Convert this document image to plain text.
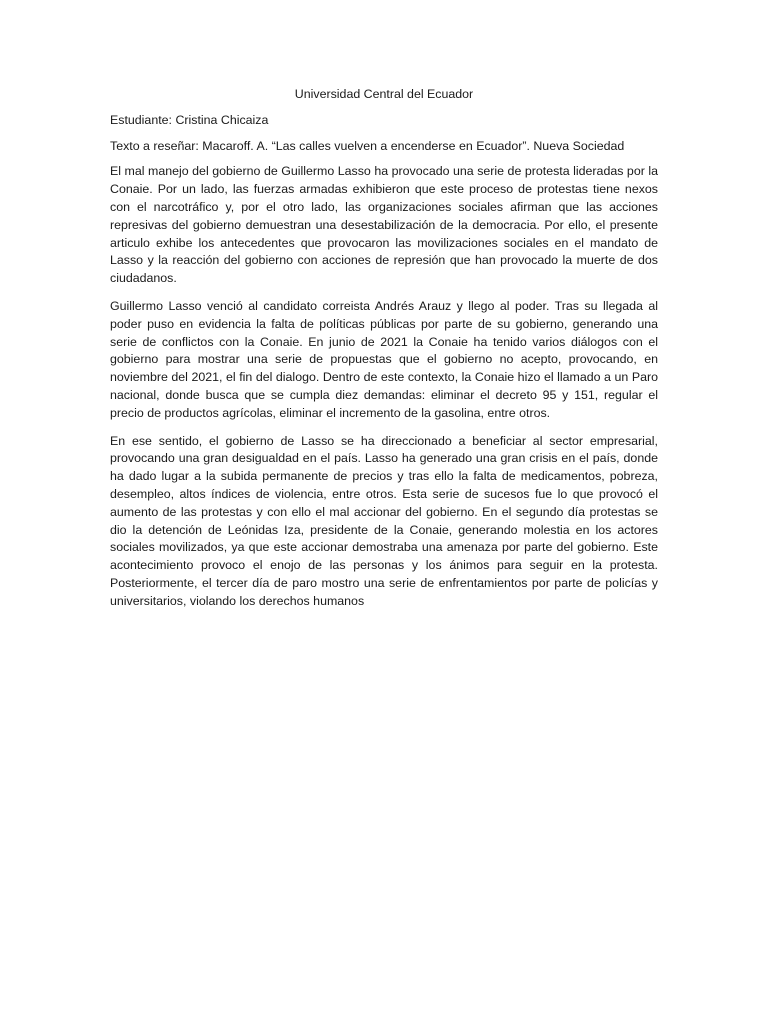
Universidad Central del Ecuador

Estudiante: Cristina Chicaiza

Texto a reseñar: Macaroff. A. “Las calles vuelven a encenderse en Ecuador”. Nueva Sociedad

El mal manejo del gobierno de Guillermo Lasso ha provocado una serie de protesta lideradas por la Conaie. Por un lado, las fuerzas armadas exhibieron que este proceso de protestas tiene nexos con el narcotráfico y, por el otro lado, las organizaciones sociales afirman que las acciones represivas del gobierno demuestran una desestabilización de la democracia. Por ello, el presente articulo exhibe los antecedentes que provocaron las movilizaciones sociales en el mandato de Lasso y la reacción del gobierno con acciones de represión que han provocado la muerte de dos ciudadanos.

Guillermo Lasso venció al candidato correista Andrés Arauz y llego al poder. Tras su llegada al poder puso en evidencia la falta de políticas públicas por parte de su gobierno, generando una serie de conflictos con la Conaie. En junio de 2021 la Conaie ha tenido varios diálogos con el gobierno para mostrar una serie de propuestas que el gobierno no acepto, provocando, en noviembre del 2021, el fin del dialogo. Dentro de este contexto, la Conaie hizo el llamado a un Paro nacional, donde busca que se cumpla diez demandas: eliminar el decreto 95 y 151, regular el precio de productos agrícolas, eliminar el incremento de la gasolina, entre otros.

En ese sentido, el gobierno de Lasso se ha direccionado a beneficiar al sector empresarial, provocando una gran desigualdad en el país. Lasso ha generado una gran crisis en el país, donde ha dado lugar a la subida permanente de precios y tras ello la falta de medicamentos, pobreza, desempleo, altos índices de violencia, entre otros. Esta serie de sucesos fue lo que provocó el aumento de las protestas y con ello el mal accionar del gobierno. En el segundo día protestas se dio la detención de Leónidas Iza, presidente de la Conaie, generando molestia en los actores sociales movilizados, ya que este accionar demostraba una amenaza por parte del gobierno. Este acontecimiento provoco el enojo de las personas y los ánimos para seguir en la protesta. Posteriormente, el tercer día de paro mostro una serie de enfrentamientos por parte de policías y universitarios, violando los derechos humanos
